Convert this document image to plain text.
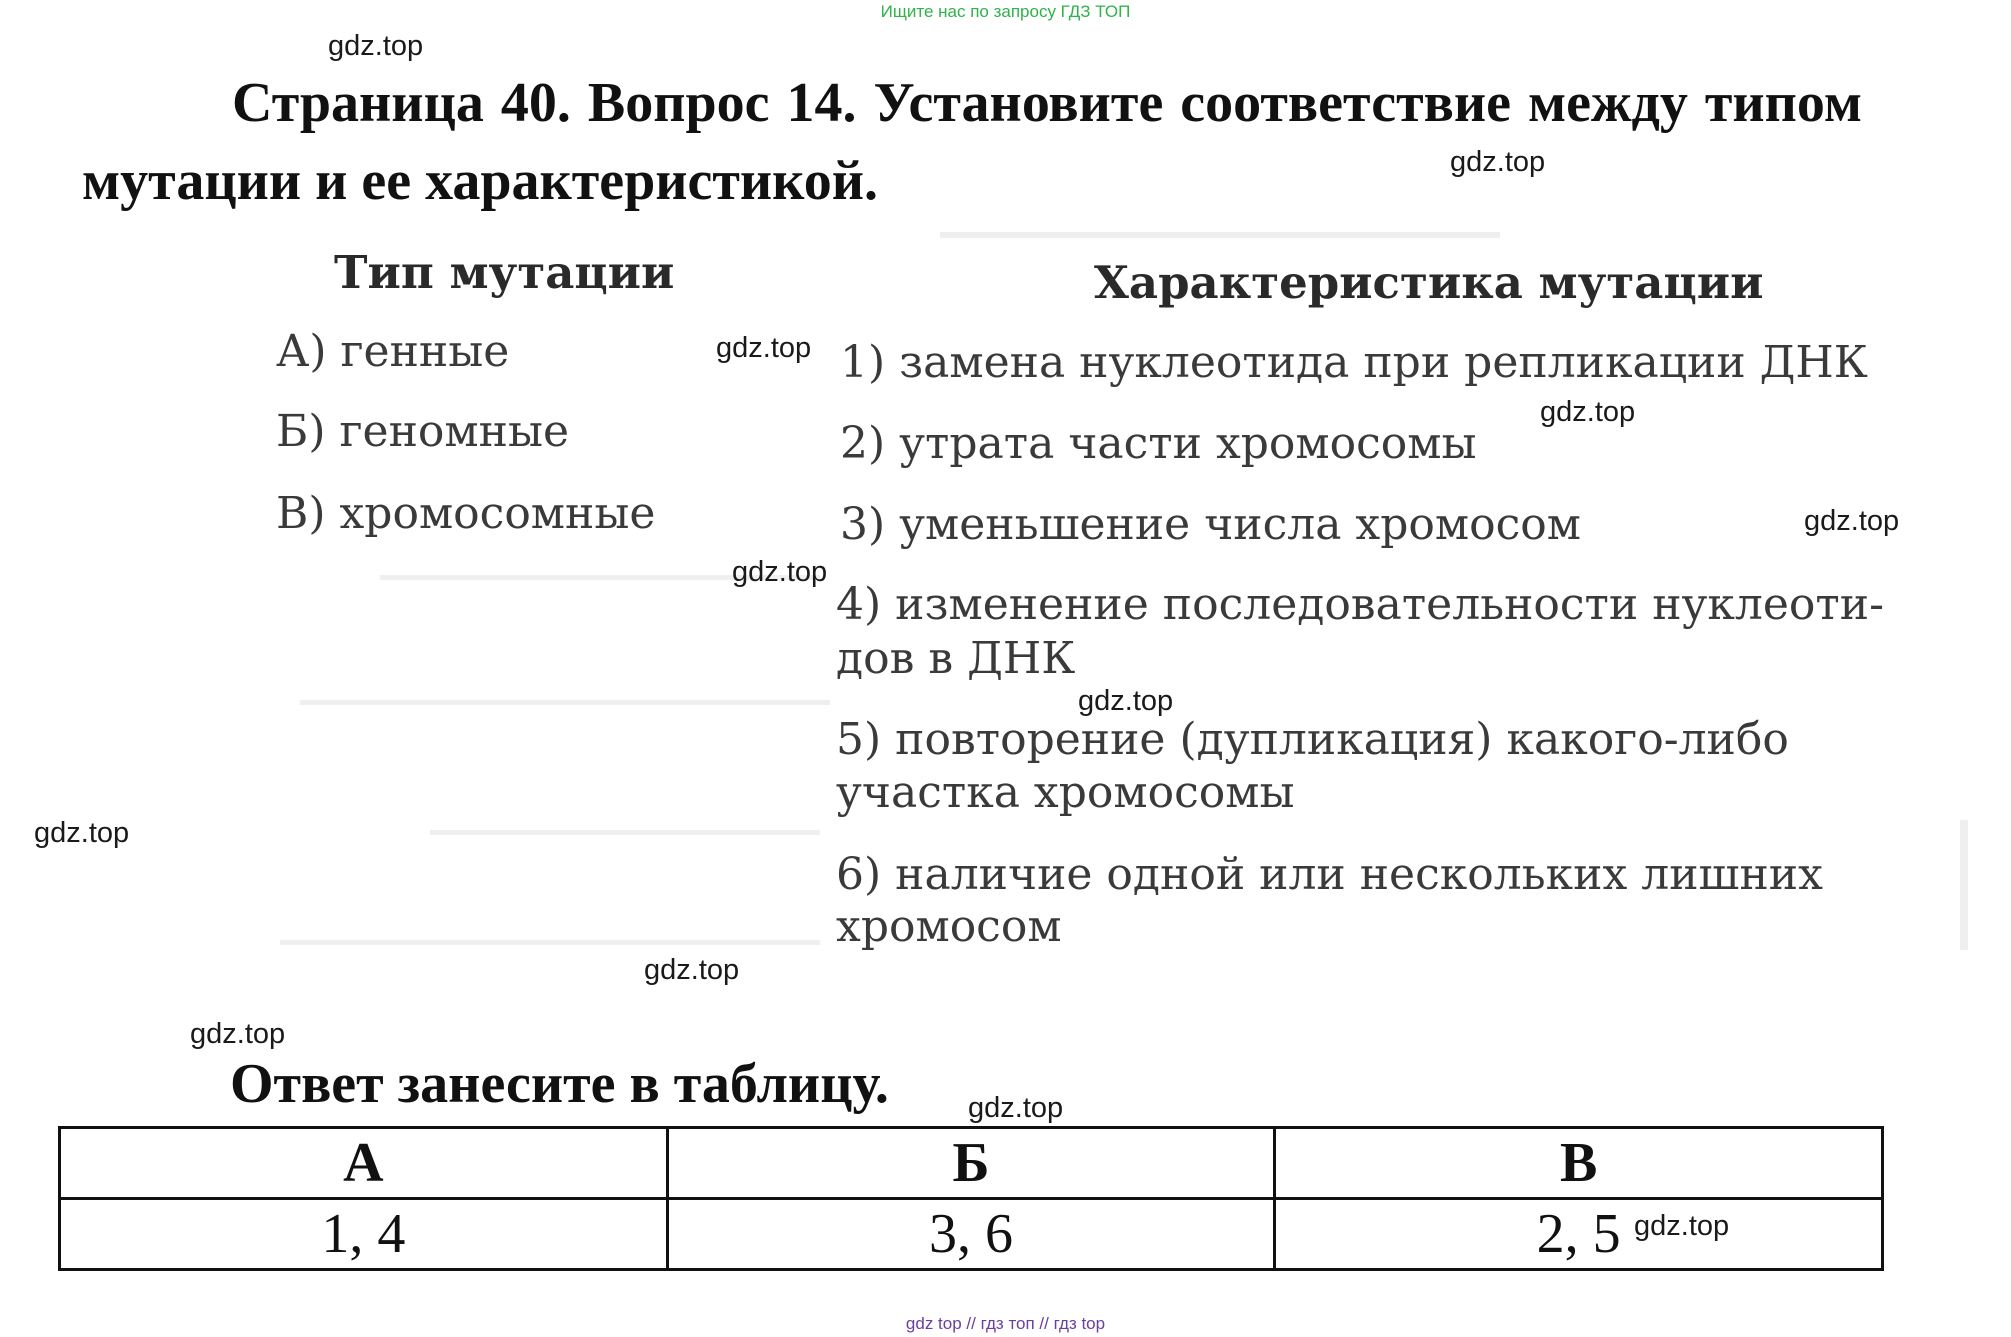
Ищите нас по запросу ГДЗ ТОП
Страница 40. Вопрос 14. Установите соответствие между типом мутации и ее характеристикой.
Тип мутации	Характеристика мутации
А) генные
Б) геномные
В) хромосомные
1) замена нуклеотида при репликации ДНК
2) утрата части хромосомы
3) уменьшение числа хромосом
4) изменение последовательности нуклеоти-
дов в ДНК
5) повторение (дупликация) какого-либо
участка хромосомы
6) наличие одной или нескольких лишних
хромосом
Ответ занесите в таблицу.
А	Б	В
1, 4	3, 6	2, 5
gdz.top
gdz.top
gdz.top
gdz.top
gdz.top
gdz.top
gdz.top
gdz.top
gdz.top
gdz.top
gdz.top
gdz.top
gdz top // гдз топ // гдз top
